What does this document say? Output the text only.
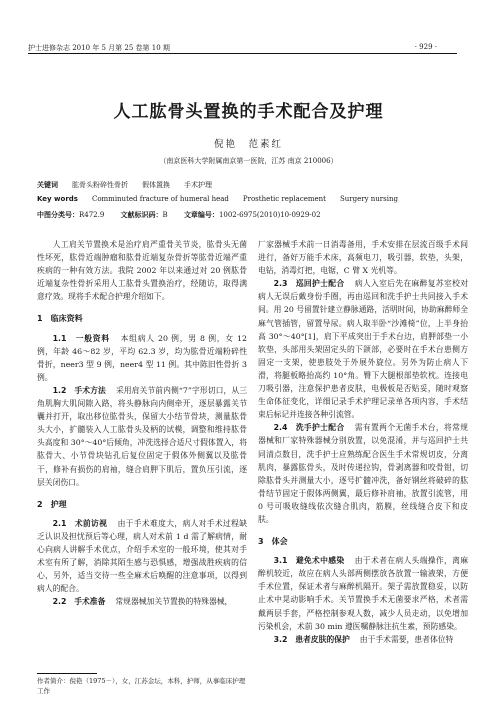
护士进修杂志 2010 年 5 月第 25 卷第 10 期	· 929 ·
人工肱骨头置换的手术配合及护理
倪艳　范素红
（南京医科大学附属南京第一医院，江苏 南京 210006）
关键词 肱骨头粉碎性骨折　　假体置换　　手术护理
Key words Comminuted fracture of humeral head　　Prosthetic replacement　　Surgery nursing
中图分类号：R472.9 文献标识码：B 文章编号：1002-6975(2010)10-0929-02

人工肩关节置换术是治疗肩严重骨关节炎，肱骨头无菌性坏死，肱骨近端肿瘤和肱骨近端复杂骨折等肱骨近端严重疾病的一种有效方法。我院 2002 年以来通过对 20 例肱骨近端复杂性骨折采用人工肱骨头置换治疗，经随访，取得满意疗效。现将手术配合护理介绍如下。

1　临床资料

1.1　一般资料 本组病人 20 例，男 8 例，女 12 例，年龄 46～82 岁，平均 62.3 岁，均为肱骨近端粉碎性骨折，neer3 型 9 例，neer4 型 11 例。其中陈旧性骨折 3 例。

1.2　手术方法 采用肩关节前内侧“7”字形切口，从三角肌胸大肌间隙入路，将头静脉向内侧牵开，逐层暴露关节囊并打开，取出移位肱骨头，保留大小结节骨块，测量肱骨头大小，扩髓装入人工肱骨头及柄的试模，调整和维持肱骨头高度和 30°～40°后倾角，冲洗选择合适尺寸假体置入，将肱骨大、小节骨块钻孔后复位固定于假体外侧翼以及肱骨干，修补有损伤的肩袖，缝合肩胛下肌后，置负压引流，逐层关闭伤口。

2　护理

2.1　术前访视 由于手术难度大，病人对手术过程缺乏认识及担忧预后等心理，病人对术前 1 d 需了解病情，耐心向病人讲解手术优点，介绍手术室的一般环境，使其对手术室有所了解，消除其陌生感与恐惧感，增强战胜疾病的信心，另外，适当交待一些全麻术后唤醒的注意事项，以得到病人的配合。

2.2　手术准备 常规器械加关节置换的特殊器械，

厂家器械手术前一日消毒备用，手术安排在层流百级手术间进行，备好万能手术床，高频电刀，吸引器，软垫，头架，电钻，消毒灯把，电锯，C 臂 X 光机等。

2.3　巡回护士配合 病人入室后先在麻醉复苏室校对病人无误后戴身份手圈，再由巡回和洗手护士共同接入手术间。用 20 号留置针建立静脉通路，活明时间，协助麻醉师全麻气管插管，留置导尿。病人取半卧“沙滩椅”位，上半身抬高 30°～40°[1]，肩下平成突出于手术台边，肩胛部垫一小软垫，头部用头架固定头的下颌部，必要时在手术台患侧方固定一支架，使患肢处于外展外旋位。另外为防止病人下滑，将腿板略抬高约 10°角。臀下大腿根部垫软枕。连接电刀吸引器，注意保护患者皮肤，电极板是否贴妥，随时观察生命体征变化，详细记录手术护理记录单各项内容，手术结束后标记并连接各种引流管。

2.4　洗手护士配合 需有置两个无菌手术台，将常规器械和厂家特殊器械分别放置，以免混淆，并与巡回护士共同清点数目，洗手护士应熟练配合医生手术常规切皮，分离肌肉，暴露肱骨头，及时传递拉钩，骨剥离器和咬骨钳，切除肱骨头并测量大小，逐号扩髓冲洗，备好钢丝将破碎的肱骨结节固定于假体两侧翼，最后修补肩袖，放置引流管，用 0 号可吸收缝线依次缝合肌肉，筋膜，丝线缝合皮下和皮肤。

3　体会

3.1　避免术中感染 由于术者在病人头端操作，离麻醉机较近，故应在病人头部两侧摆放各放置一输液架，方便手术位置，保证术者与麻醉机隔开。架子需放置稳妥，以防止术中晃动影响手术。关节置换手术无菌要求严格，术者需戴两层手套，严格控制参观人数，减少人员走动，以免增加污染机会，术前 30 min 遵医嘱静脉注抗生素，预防感染。

3.2　患者皮肤的保护 由于手术需要，患者体位特

作者简介：倪艳（1975－），女，江苏金坛，本科，护师，从事临床护理工作
